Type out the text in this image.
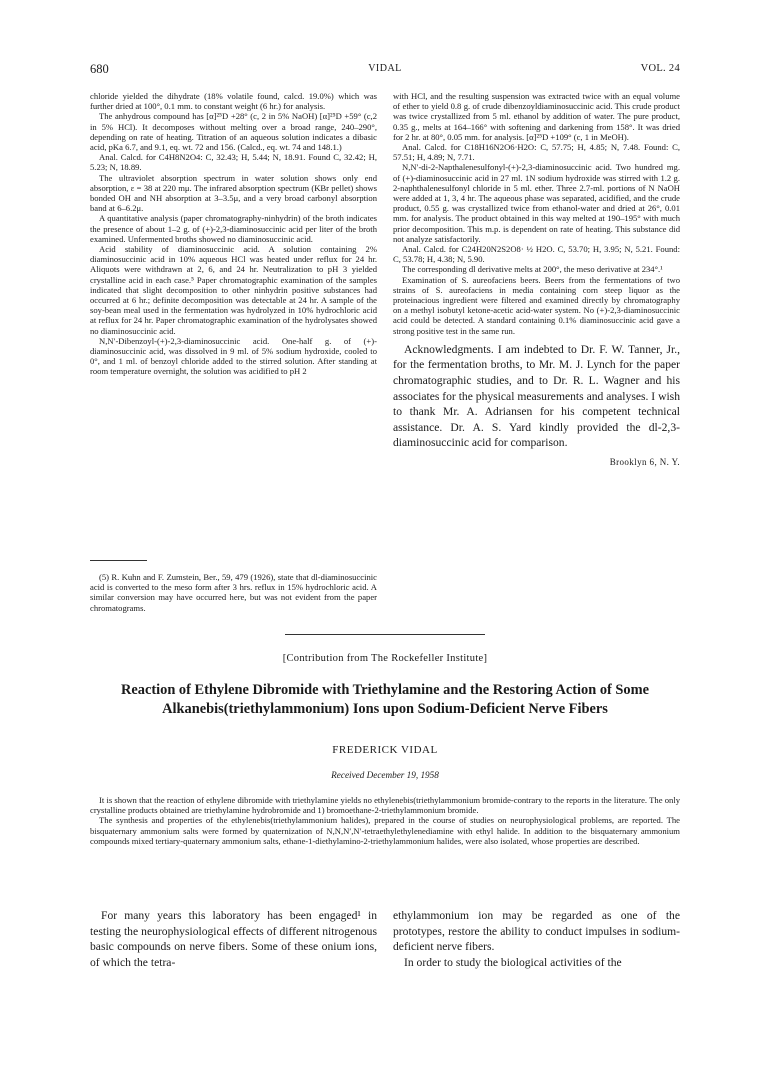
680	VIDAL	VOL. 24

chloride yielded the dihydrate (18% volatile found, calcd. 19.0%) which was further dried at 100°, 0.1 mm. to constant weight (6 hr.) for analysis.

The anhydrous compound has [α]²⁵D +28° (c, 2 in 5% NaOH) [α]²⁵D +59° (c,2 in 5% HCl). It decomposes without melting over a broad range, 240–290°, depending on rate of heating. Titration of an aqueous solution indicates a dibasic acid, pKa 6.7, and 9.1, eq. wt. 72 and 156. (Calcd., eq. wt. 74 and 148.1.)

Anal. Calcd. for C4H8N2O4: C, 32.43; H, 5.44; N, 18.91. Found C, 32.42; H, 5.23; N, 18.89.

The ultraviolet absorption spectrum in water solution shows only end absorption, ε = 38 at 220 mμ. The infrared absorption spectrum (KBr pellet) shows bonded OH and NH absorption at 3–3.5μ, and a very broad carbonyl absorption band at 6–6.2μ.

A quantitative analysis (paper chromatography-ninhydrin) of the broth indicates the presence of about 1–2 g. of (+)-2,3-diaminosuccinic acid per liter of the broth examined. Unfermented broths showed no diaminosuccinic acid.

Acid stability of diaminosuccinic acid. A solution containing 2% diaminosuccinic acid in 10% aqueous HCl was heated under reflux for 24 hr. Aliquots were withdrawn at 2, 6, and 24 hr. Neutralization to pH 3 yielded crystalline acid in each case.⁵ Paper chromatographic examination of the samples indicated that slight decomposition to other ninhydrin positive substances had occurred at 6 hr.; definite decomposition was detectable at 24 hr. A sample of the soy-bean meal used in the fermentation was hydrolyzed in 10% hydrochloric acid at reflux for 24 hr. Paper chromatographic examination of the hydrolysates showed no diaminosuccinic acid.

N,N′-Dibenzoyl-(+)-2,3-diaminosuccinic acid. One-half g. of (+)-diaminosuccinic acid, was dissolved in 9 ml. of 5% sodium hydroxide, cooled to 0°, and 1 ml. of benzoyl chloride added to the stirred solution. After standing at room temperature overnight, the solution was acidified to pH 2

(5) R. Kuhn and F. Zumstein, Ber., 59, 479 (1926), state that dl-diaminosuccinic acid is converted to the meso form after 3 hrs. reflux in 15% hydrochloric acid. A similar conversion may have occurred here, but was not evident from the paper chromatograms.

with HCl, and the resulting suspension was extracted twice with an equal volume of ether to yield 0.8 g. of crude dibenzoyldiaminosuccinic acid. This crude product was twice crystallized from 5 ml. ethanol by addition of water. The pure product, 0.35 g., melts at 164–166° with softening and darkening from 158°. It was dried for 2 hr. at 80°, 0.05 mm. for analysis. [α]²⁵D +109° (c, 1 in MeOH).

Anal. Calcd. for C18H16N2O6·H2O: C, 57.75; H, 4.85; N, 7.48. Found: C, 57.51; H, 4.89; N, 7.71.

N,N′-di-2-Napthalenesulfonyl-(+)-2,3-diaminosuccinic acid. Two hundred mg. of (+)-diaminosuccinic acid in 27 ml. 1N sodium hydroxide was stirred with 1.2 g. 2-naphthalenesulfonyl chloride in 5 ml. ether. Three 2.7-ml. portions of N NaOH were added at 1, 3, 4 hr. The aqueous phase was separated, acidified, and the crude product, 0.55 g. was crystallized twice from ethanol-water and dried at 26°, 0.01 mm. for analysis. The product obtained in this way melted at 190–195° with much prior decomposition. This m.p. is dependent on rate of heating. This substance did not analyze satisfactorily.

Anal. Calcd. for C24H20N2S2O8· ½ H2O. C, 53.70; H, 3.95; N, 5.21. Found: C, 53.78; H, 4.38; N, 5.90.

The corresponding dl derivative melts at 200°, the meso derivative at 234°.¹

Examination of S. aureofaciens beers. Beers from the fermentations of two strains of S. aureofaciens in media containing corn steep liquor as the proteinacious ingredient were filtered and examined directly by chromatography on a methyl isobutyl ketone-acetic acid-water system. No (+)-2,3-diaminosuccinic acid could be detected. A standard containing 0.1% diaminosuccinic acid gave a strong positive test in the same run.

Acknowledgments. I am indebted to Dr. F. W. Tanner, Jr., for the fermentation broths, to Mr. M. J. Lynch for the paper chromatographic studies, and to Dr. R. L. Wagner and his associates for the physical measurements and analyses. I wish to thank Mr. A. Adriansen for his competent technical assistance. Dr. A. S. Yard kindly provided the dl-2,3-diaminosuccinic acid for comparison.

Brooklyn 6, N. Y.
[Contribution from The Rockefeller Institute]
Reaction of Ethylene Dibromide with Triethylamine and the Restoring Action of Some Alkanebis(triethylammonium) Ions upon Sodium-Deficient Nerve Fibers
FREDERICK VIDAL
Received December 19, 1958

It is shown that the reaction of ethylene dibromide with triethylamine yields no ethylenebis(triethylammonium bromide-contrary to the reports in the literature. The only crystalline products obtained are triethylamine hydrobromide and 1) bromoethane-2-triethylammonium bromide.

The synthesis and properties of the ethylenebis(triethylammonium halides), prepared in the course of studies on neurophysiological problems, are reported. The bisquaternary ammonium salts were formed by quaternization of N,N,N′,N′-tetraethylethylenediamine with ethyl halide. In addition to the bisquaternary ammonium compounds mixed tertiary-quaternary ammonium salts, ethane-1-diethylamino-2-triethylammonium halides, were also isolated, whose properties are described.

For many years this laboratory has been engaged¹ in testing the neurophysiological effects of different nitrogenous basic compounds on nerve fibers. Some of these onium ions, of which the tetra-

ethylammonium ion may be regarded as one of the prototypes, restore the ability to conduct impulses in sodium-deficient nerve fibers.

In order to study the biological activities of the
